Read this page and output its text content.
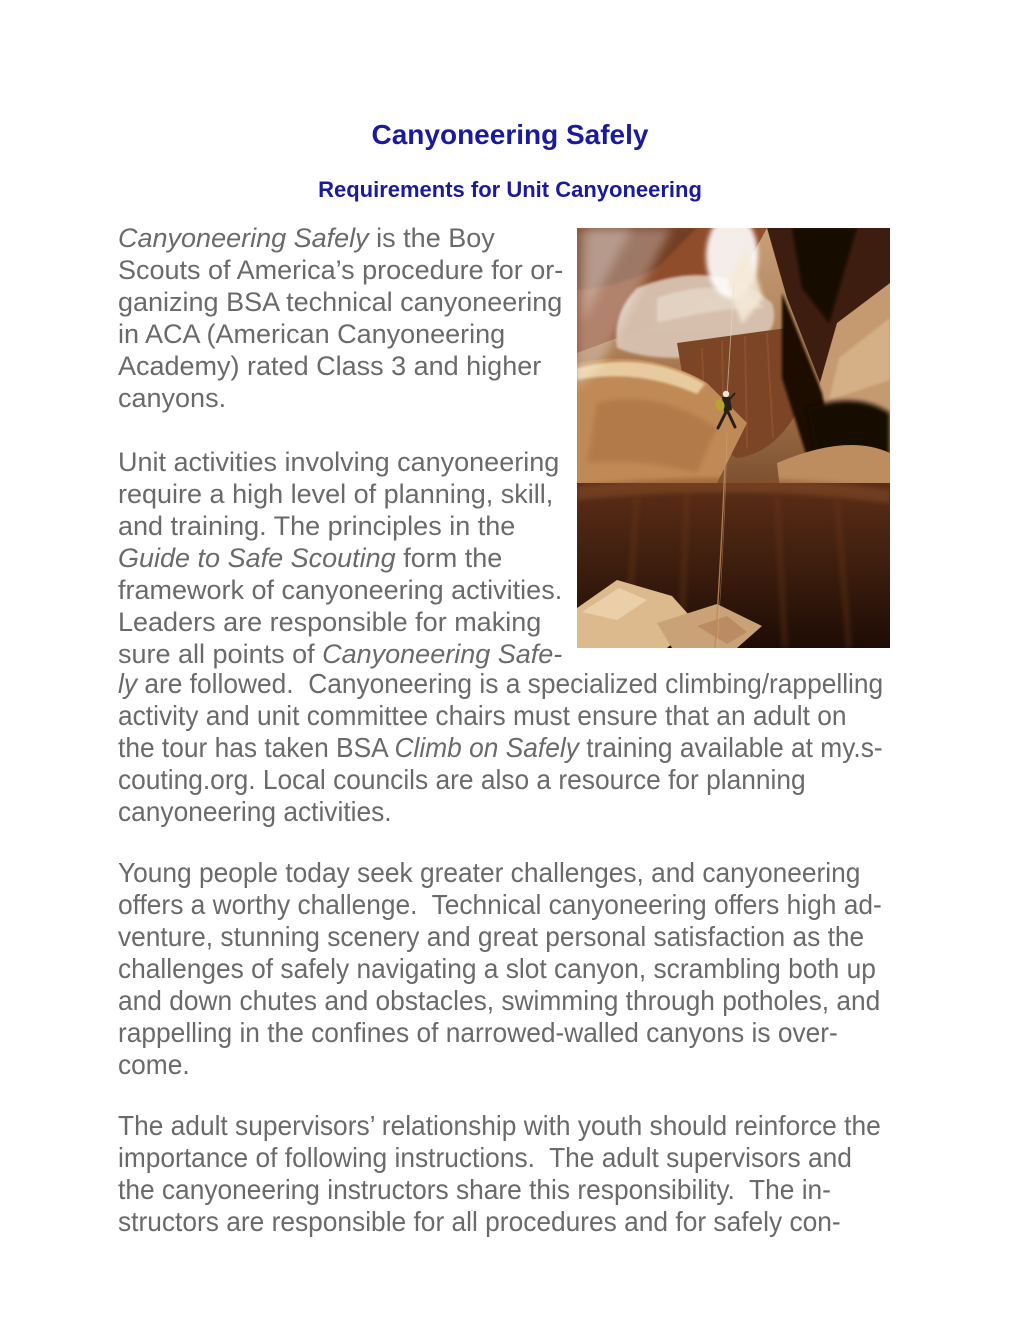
Canyoneering Safely
Requirements for Unit Canyoneering
Canyoneering Safely is the Boy
Scouts of America’s procedure for or-
ganizing BSA technical canyoneering
in ACA (American Canyoneering
Academy) rated Class 3 and higher
canyons.
Unit activities involving canyoneering
require a high level of planning, skill,
and training. The principles in the
Guide to Safe Scouting form the
framework of canyoneering activities.
Leaders are responsible for making
sure all points of Canyoneering Safe-
ly are followed.  Canyoneering is a specialized climbing/rappelling
activity and unit committee chairs must ensure that an adult on
the tour has taken BSA Climb on Safely training available at my.s-
couting.org. Local councils are also a resource for planning
canyoneering activities.
Young people today seek greater challenges, and canyoneering
offers a worthy challenge.  Technical canyoneering offers high ad-
venture, stunning scenery and great personal satisfaction as the
challenges of safely navigating a slot canyon, scrambling both up
and down chutes and obstacles, swimming through potholes, and
rappelling in the confines of narrowed-walled canyons is over-
come.
The adult supervisors’ relationship with youth should reinforce the
importance of following instructions.  The adult supervisors and
the canyoneering instructors share this responsibility.  The in-
structors are responsible for all procedures and for safely con-
